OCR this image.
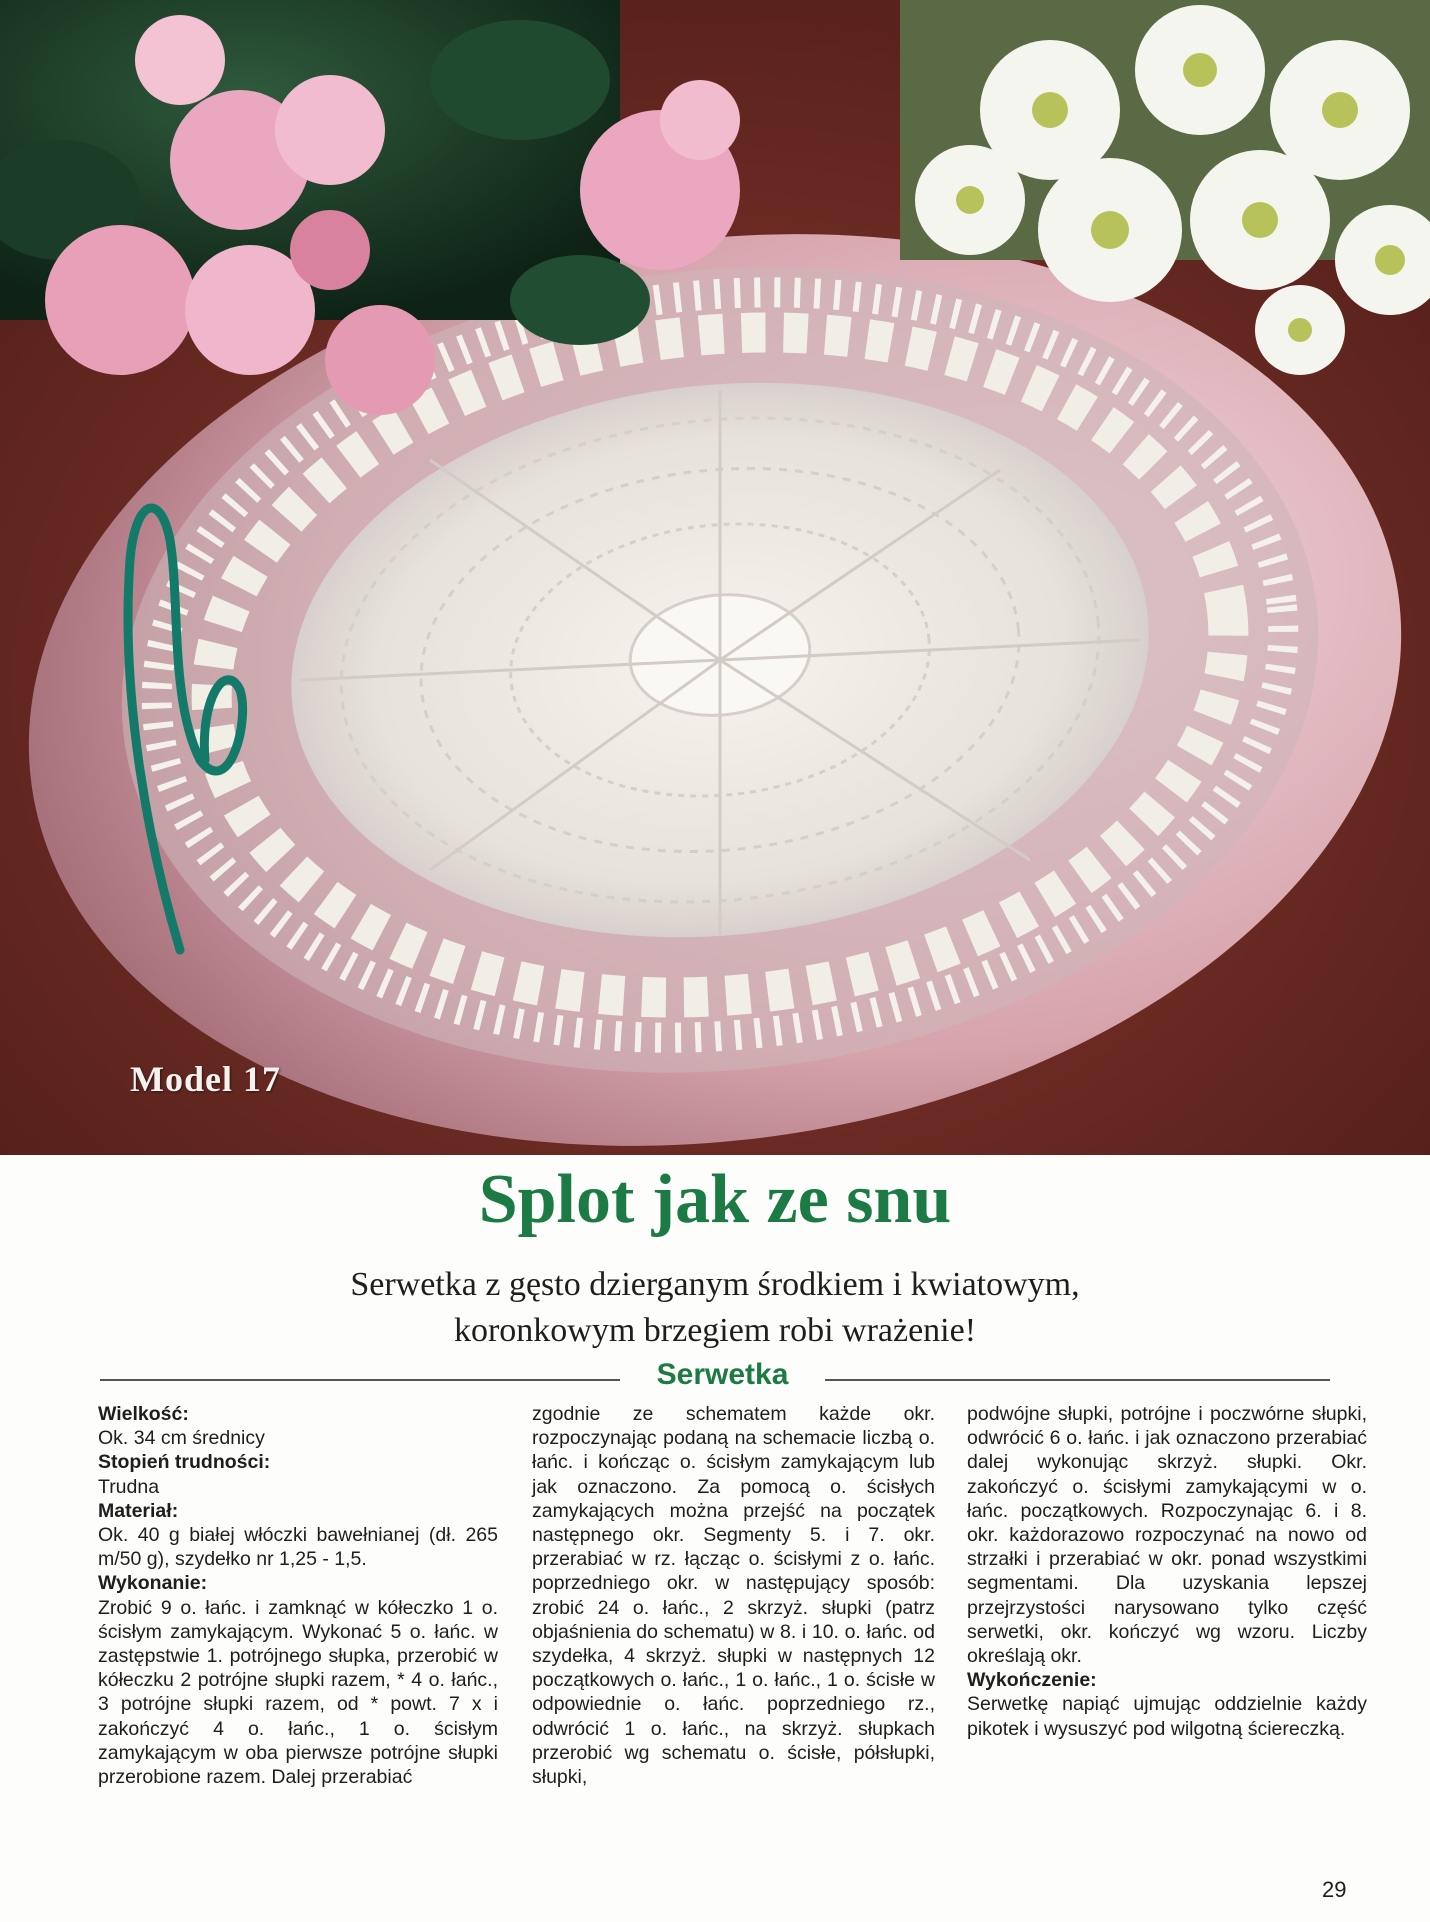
Model 17
Splot jak ze snu
Serwetka z gęsto dzierganym środkiem i kwiatowym,
koronkowym brzegiem robi wrażenie!
Serwetka

Wielkość:

Ok. 34 cm średnicy

Stopień trudności:

Trudna

Materiał:

Ok. 40 g białej włóczki bawełnianej (dł. 265 m/50 g), szydełko nr 1,25 - 1,5.

Wykonanie:

Zrobić 9 o. łańc. i zamknąć w kółeczko 1 o. ścisłym zamykającym. Wykonać 5 o. łańc. w zastępstwie 1. potrójnego słupka, przerobić w kółeczku 2 potrójne słupki razem, * 4 o. łańc., 3 potrójne słupki razem, od * powt. 7 x i zakończyć 4 o. łańc., 1 o. ścisłym zamykającym w oba pierwsze potrójne słupki przerobione razem. Dalej przerabiać

zgodnie ze schematem każde okr. rozpoczynając podaną na schemacie liczbą o. łańc. i kończąc o. ścisłym zamykającym lub jak oznaczono. Za pomocą o. ścisłych zamykających można przejść na początek następnego okr. Segmenty 5. i 7. okr. przerabiać w rz. łącząc o. ścisłymi z o. łańc. poprzedniego okr. w następujący sposób: zrobić 24 o. łańc., 2 skrzyż. słupki (patrz objaśnienia do schematu) w 8. i 10. o. łańc. od szydełka, 4 skrzyż. słupki w następnych 12 początkowych o. łańc., 1 o. łańc., 1 o. ścisłe w odpowiednie o. łańc. poprzedniego rz., odwrócić 1 o. łańc., na skrzyż. słupkach przerobić wg schematu o. ścisłe, półsłupki, słupki,

podwójne słupki, potrójne i poczwórne słupki, odwrócić 6 o. łańc. i jak oznaczono przerabiać dalej wykonując skrzyż. słupki. Okr. zakończyć o. ścisłymi zamykającymi w o. łańc. początkowych. Rozpoczynając 6. i 8. okr. każdorazowo rozpoczynać na nowo od strzałki i przerabiać w okr. ponad wszystkimi segmentami. Dla uzyskania lepszej przejrzystości narysowano tylko część serwetki, okr. kończyć wg wzoru. Liczby określają okr.

Wykończenie:

Serwetkę napiąć ujmując oddzielnie każdy pikotek i wysuszyć pod wilgotną ściereczką.

29
